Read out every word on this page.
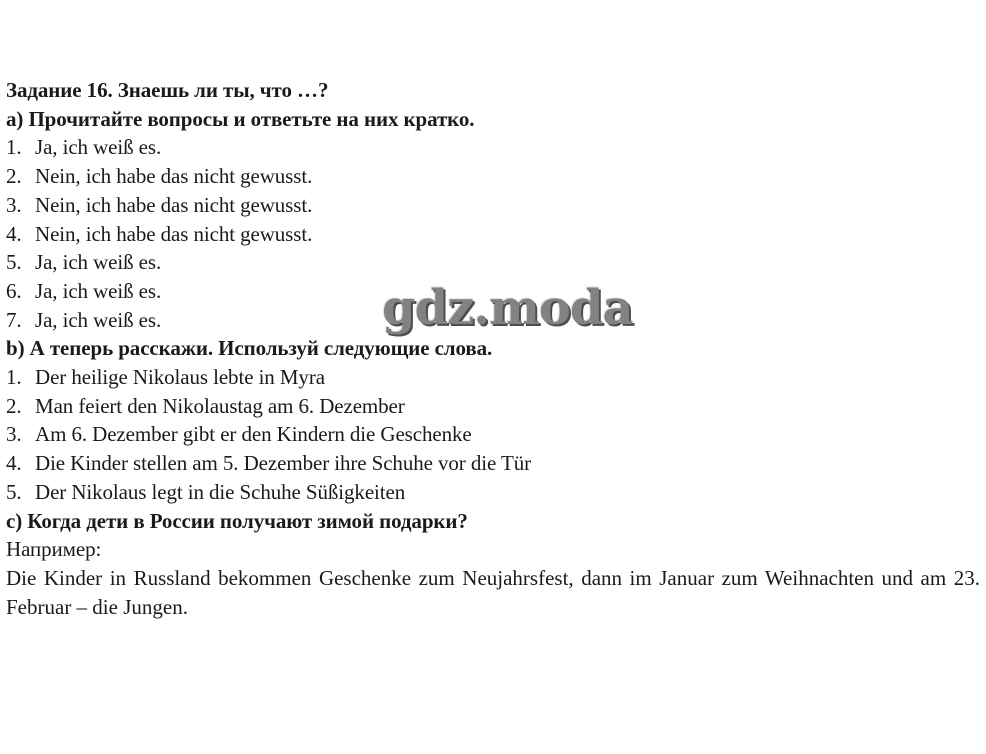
Задание 16. Знаешь ли ты, что …?
a) Прочитайте вопросы и ответьте на них кратко.
1. Ja, ich weiß es.
2. Nein, ich habe das nicht gewusst.
3. Nein, ich habe das nicht gewusst.
4. Nein, ich habe das nicht gewusst.
5. Ja, ich weiß es.
6. Ja, ich weiß es.
7. Ja, ich weiß es.
b) А теперь расскажи. Используй следующие слова.
1. Der heilige Nikolaus lebte in Myra
2. Man feiert den Nikolaustag am 6. Dezember
3. Am 6. Dezember gibt er den Kindern die Geschenke
4. Die Kinder stellen am 5. Dezember ihre Schuhe vor die Tür
5. Der Nikolaus legt in die Schuhe Süßigkeiten
c) Когда дети в России получают зимой подарки?
Например:
Die Kinder in Russland bekommen Geschenke zum Neujahrsfest, dann im Januar zum Weihnachten und am 23. Februar – die Jungen.
gdz.moda
